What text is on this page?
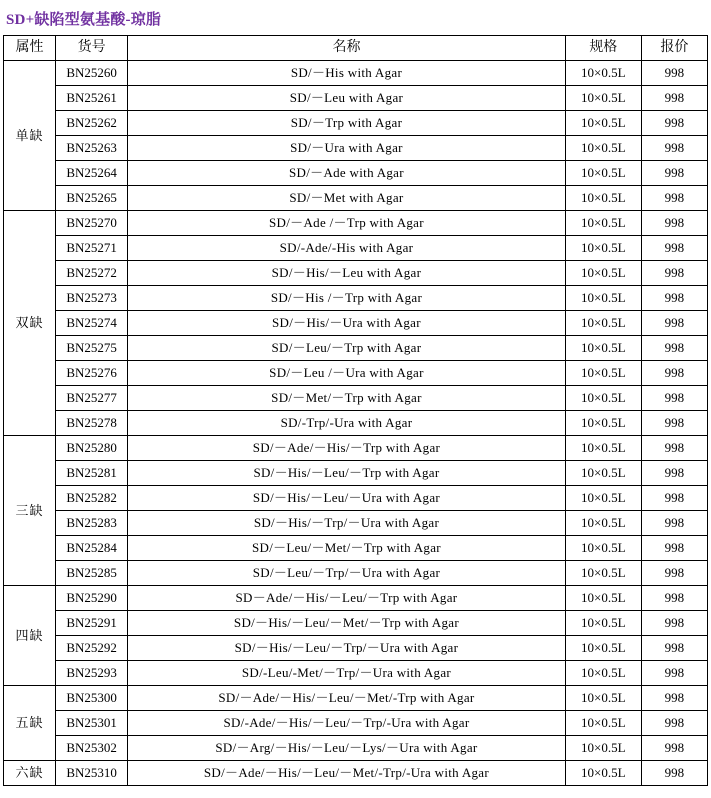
SD+缺陷型氨基酸-琼脂
属性	货号	名称	规格	报价
单缺	BN25260	SD/－His with Agar	10×0.5L	998
	BN25261	SD/－Leu with Agar	10×0.5L	998
	BN25262	SD/－Trp with Agar	10×0.5L	998
	BN25263	SD/－Ura with Agar	10×0.5L	998
	BN25264	SD/－Ade with Agar	10×0.5L	998
	BN25265	SD/－Met with Agar	10×0.5L	998
双缺	BN25270	SD/－Ade /－Trp with Agar	10×0.5L	998
	BN25271	SD/-Ade/-His with Agar	10×0.5L	998
	BN25272	SD/－His/－Leu with Agar	10×0.5L	998
	BN25273	SD/－His /－Trp with Agar	10×0.5L	998
	BN25274	SD/－His/－Ura with Agar	10×0.5L	998
	BN25275	SD/－Leu/－Trp with Agar	10×0.5L	998
	BN25276	SD/－Leu /－Ura with Agar	10×0.5L	998
	BN25277	SD/－Met/－Trp with Agar	10×0.5L	998
	BN25278	SD/-Trp/-Ura with Agar	10×0.5L	998
三缺	BN25280	SD/－Ade/－His/－Trp with Agar	10×0.5L	998
	BN25281	SD/－His/－Leu/－Trp with Agar	10×0.5L	998
	BN25282	SD/－His/－Leu/－Ura with Agar	10×0.5L	998
	BN25283	SD/－His/－Trp/－Ura with Agar	10×0.5L	998
	BN25284	SD/－Leu/－Met/－Trp with Agar	10×0.5L	998
	BN25285	SD/－Leu/－Trp/－Ura with Agar	10×0.5L	998
四缺	BN25290	SD－Ade/－His/－Leu/－Trp with Agar	10×0.5L	998
	BN25291	SD/－His/－Leu/－Met/－Trp with Agar	10×0.5L	998
	BN25292	SD/－His/－Leu/－Trp/－Ura with Agar	10×0.5L	998
	BN25293	SD/-Leu/-Met/－Trp/－Ura with Agar	10×0.5L	998
五缺	BN25300	SD/－Ade/－His/－Leu/－Met/-Trp with Agar	10×0.5L	998
	BN25301	SD/-Ade/－His/－Leu/－Trp/-Ura with Agar	10×0.5L	998
	BN25302	SD/－Arg/－His/－Leu/－Lys/－Ura with Agar	10×0.5L	998
六缺	BN25310	SD/－Ade/－His/－Leu/－Met/-Trp/-Ura with Agar	10×0.5L	998
